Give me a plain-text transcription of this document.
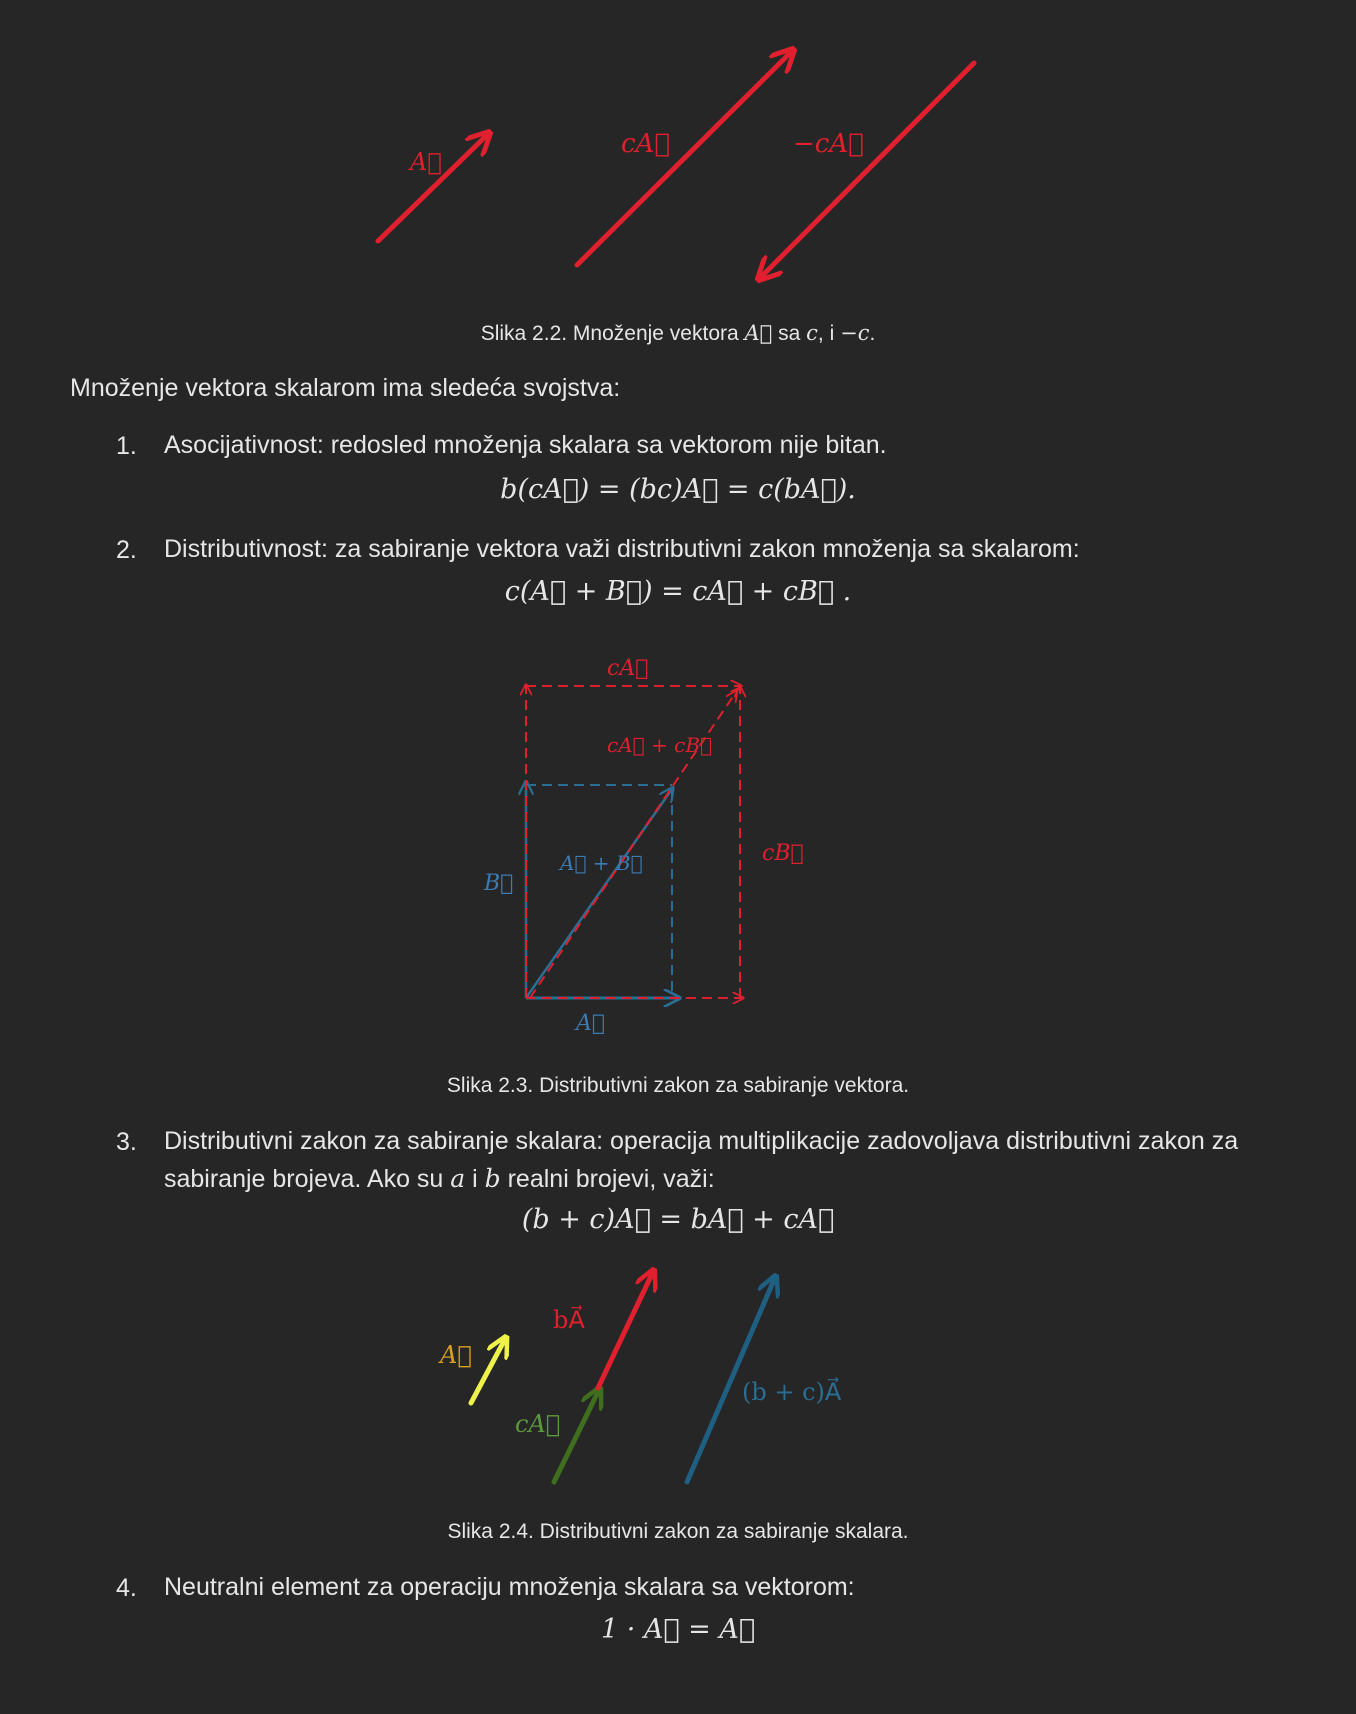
A⃗
cA⃗	−cA⃗
Slika 2.2. Množenje vektora A⃗ sa c, i −c.
Množenje vektora skalarom ima sledeća svojstva:
1.	Asocijativnost: redosled množenja skalara sa vektorom nije bitan.
b(cA⃗) = (bc)A⃗ = c(bA⃗).
2.	Distributivnost: za sabiranje vektora važi distributivni zakon množenja sa skalarom:
c(A⃗ + B⃗) = cA⃗ + cB⃗ .
cA⃗
cA⃗ + cB⃗
A⃗ + B⃗
B⃗
cB⃗
A⃗
Slika 2.3. Distributivni zakon za sabiranje vektora.
3.	Distributivni zakon za sabiranje skalara: operacija multiplikacije zadovoljava distributivni zakon za
sabiranje brojeva. Ako su a i b realni brojevi, važi:
(b + c)A⃗ = bA⃗ + cA⃗
A⃗
bA⃗
cA⃗
(b + c)A⃗
Slika 2.4. Distributivni zakon za sabiranje skalara.
4.	Neutralni element za operaciju množenja skalara sa vektorom:
1 · A⃗ = A⃗
